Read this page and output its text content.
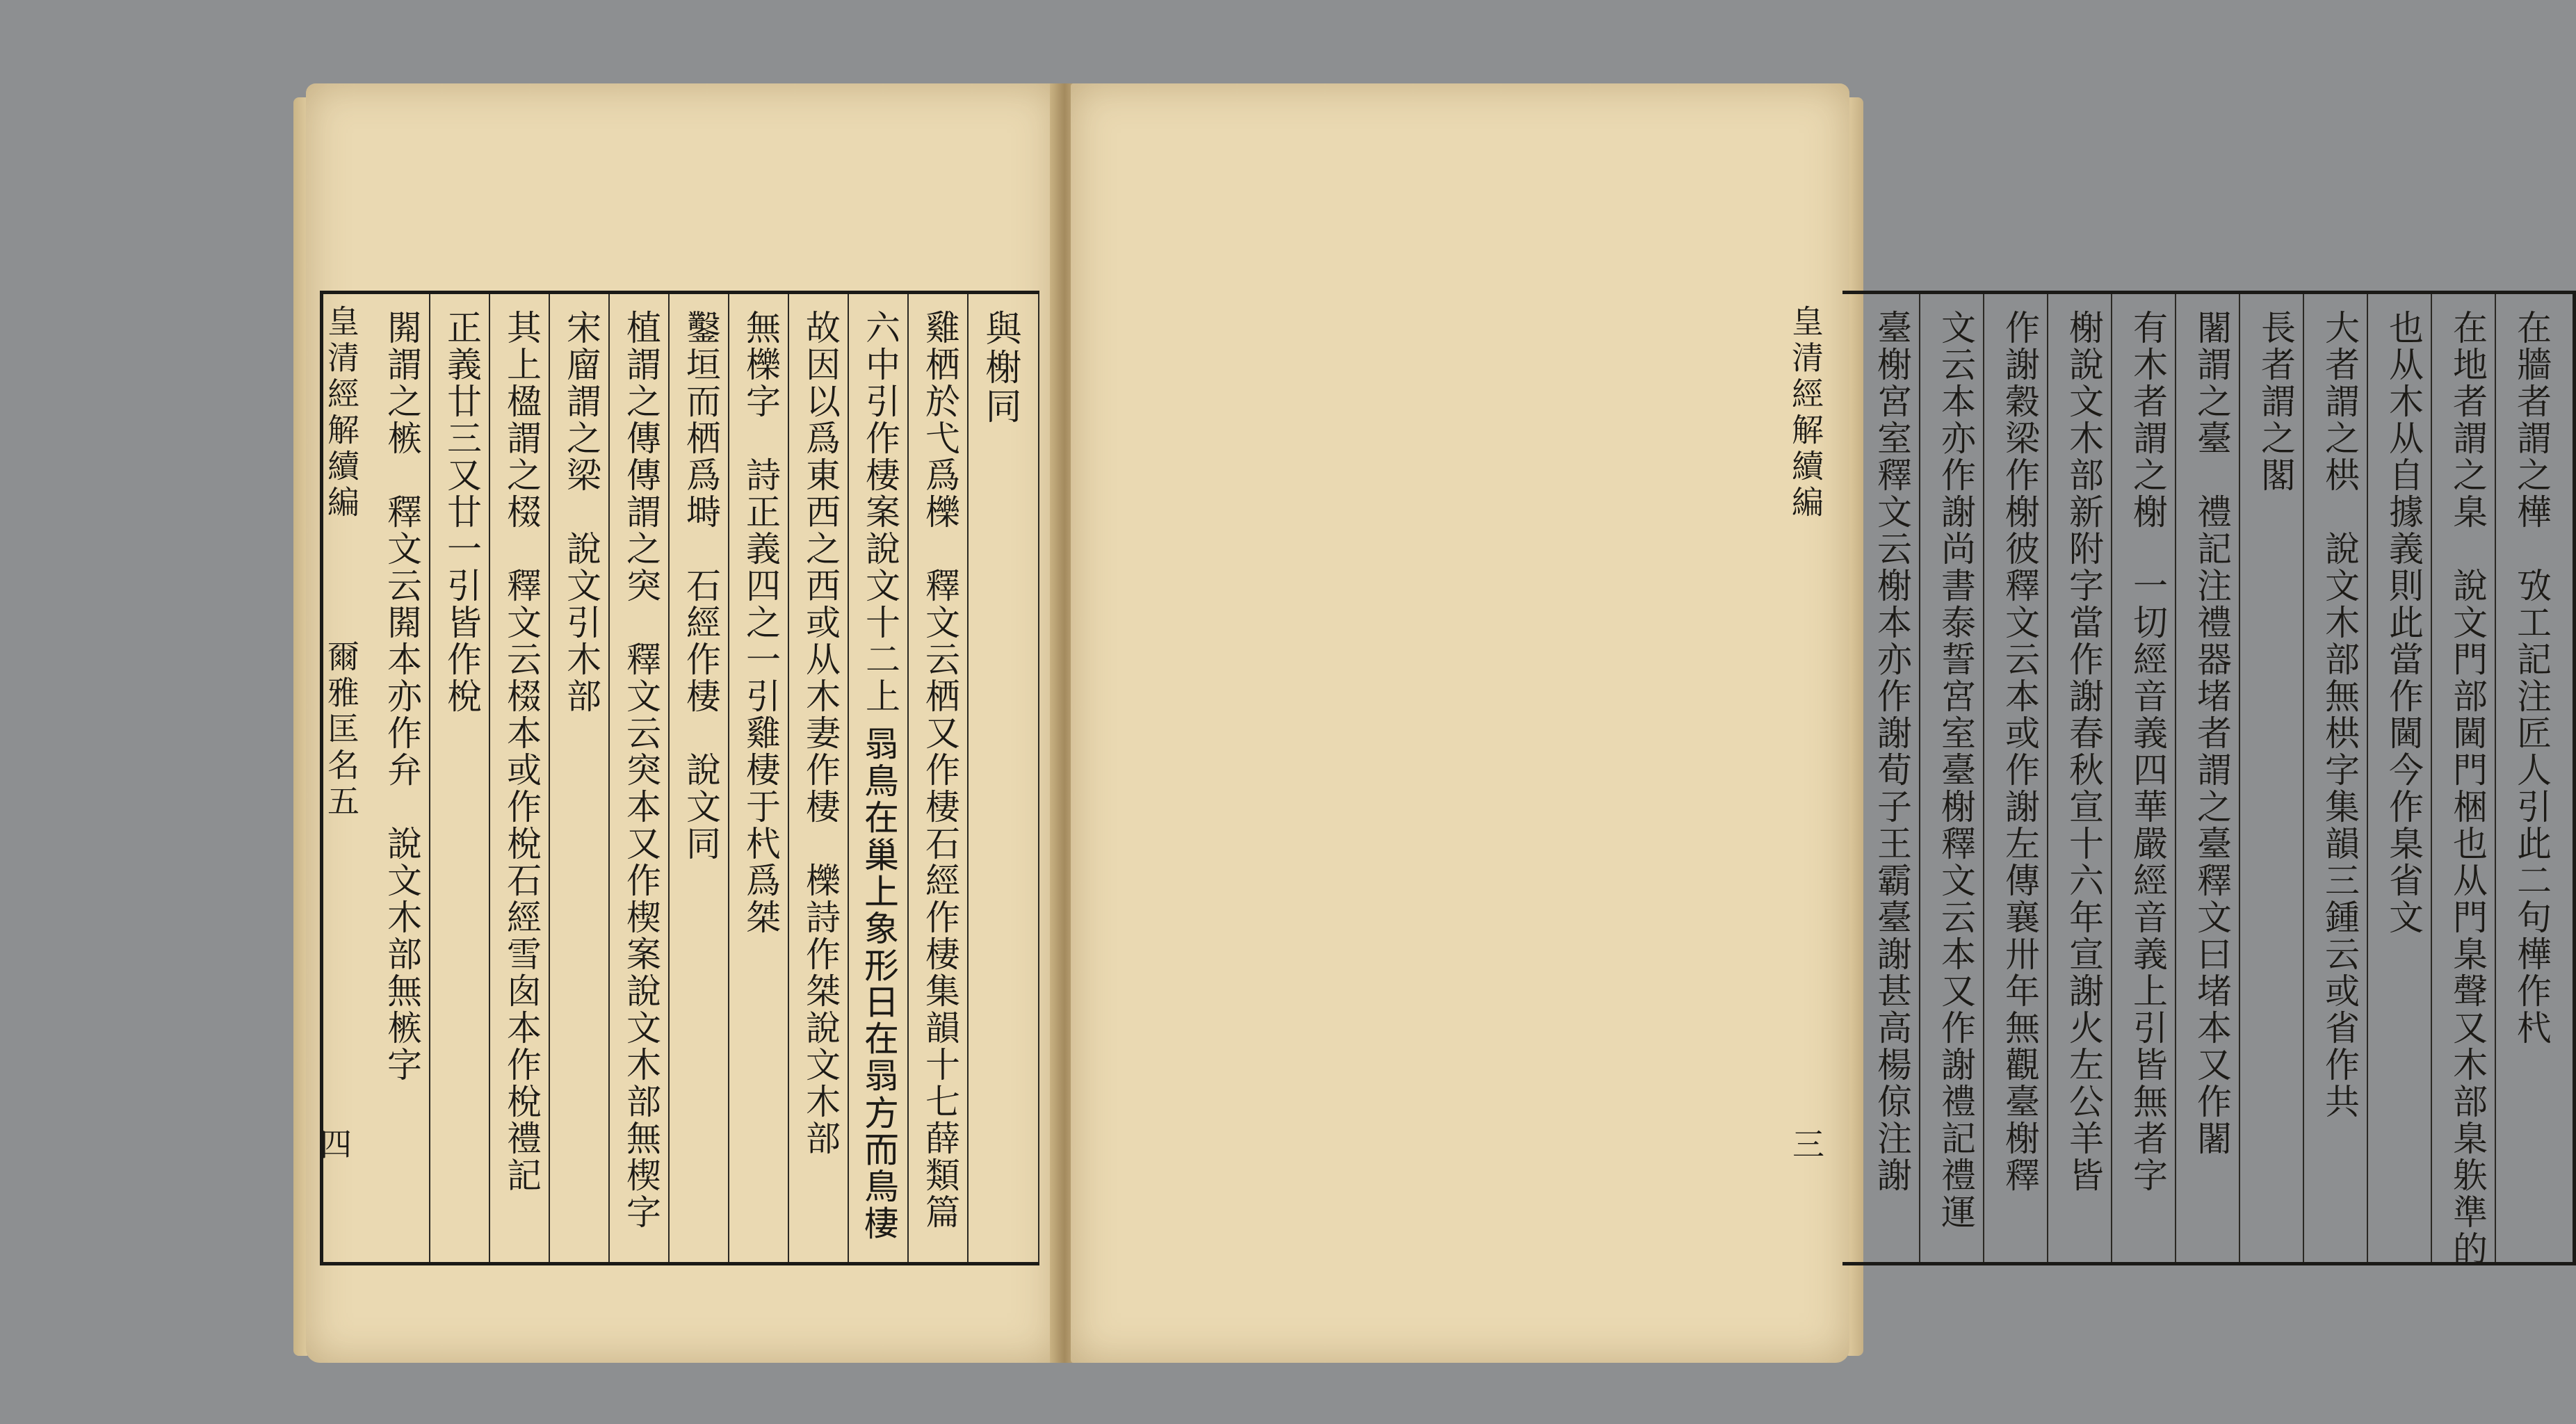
與榭同
雞栖於弋爲櫟　釋文云栖又作棲石經作棲集韻十七薛類篇
六中引作棲案說文十二上 𦐇鳥在巢上象形日在𦐇方而鳥棲
故因以爲東西之西或从木妻作棲　櫟詩作桀說文木部
無櫟字　詩正義四之一引雞棲于杙爲桀
鑿垣而栖爲塒　石經作棲　說文同
植謂之傳傳謂之突　釋文云突本又作楔案說文木部無楔字
宋廇謂之梁　說文引木部
其上楹謂之棳　釋文云棳本或作梲石經雪囱本作梲禮記
正義廿三又廿一引皆作梲
閞謂之槉　釋文云閞本亦作弁　說文木部無槉字
皇清經解續編
爾雅匡名五
四
在牆者謂之樺　攷工記注匠人引此二句樺作杙
在地者謂之臬　說文門部閫門梱也从門臬聲又木部臬䠶準的
也从木从自據義則此當作閫今作臬省文
大者謂之栱　說文木部無栱字集韻三鍾云或省作共
長者謂之閣
闍謂之臺　禮記注禮器堵者謂之臺釋文曰堵本又作闍
有木者謂之榭　一切經音義四華嚴經音義上引皆無者字
榭說文木部新附字當作謝春秋宣十六年宣謝火左公羊皆
作謝穀梁作榭彼釋文云本或作謝左傳襄卅年無觀臺榭釋
文云本亦作謝尚書泰誓宮室臺榭釋文云本又作謝禮記禮運
臺榭宮室釋文云榭本亦作謝荀子王霸臺謝甚高楊倞注謝
皇清經解續編
三
